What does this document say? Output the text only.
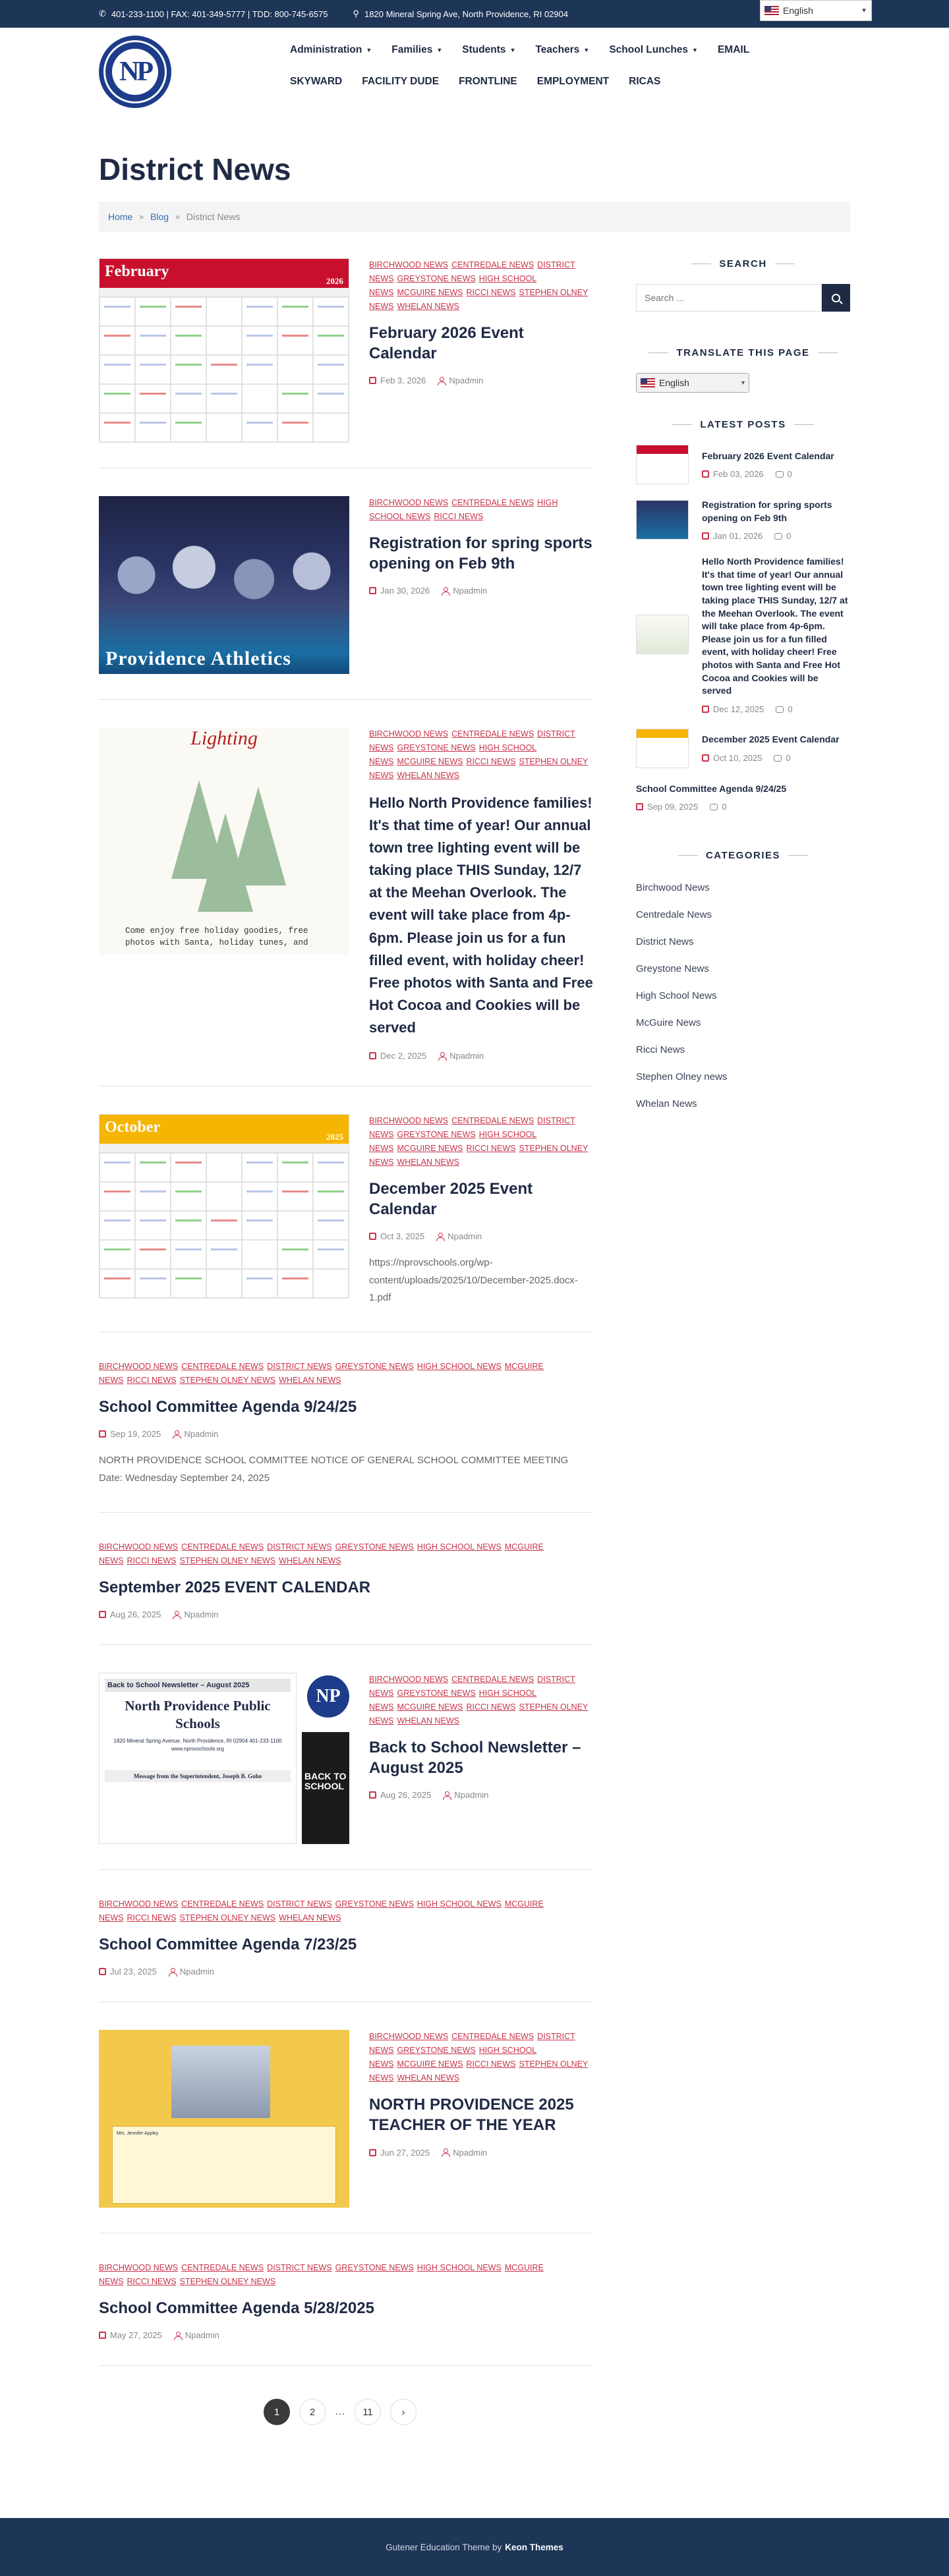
✆ 401-233-1100 | FAX: 401-349-5777 | TDD: 800-745-6575	⚲ 1820 Mineral Spring Ave, North Providence, RI 02904	English	▼
NP
Administration ▼ Families ▼ Students ▼ Teachers ▼ School Lunches ▼ EMAIL
SKYWARD FACILITY DUDE FRONTLINE EMPLOYMENT RICAS
District News
Home » Blog » District News
February
2026
BIRCHWOOD NEWS CENTREDALE NEWS DISTRICT NEWS GREYSTONE NEWS HIGH SCHOOL NEWS MCGUIRE NEWS RICCI NEWS STEPHEN OLNEY NEWS WHELAN NEWS
February 2026 Event Calendar
Feb 3, 2026	Npadmin
Providence Athletics
BIRCHWOOD NEWS CENTREDALE NEWS HIGH SCHOOL NEWS RICCI NEWS
Registration for spring sports opening on Feb 9th
Jan 30, 2026	Npadmin
Lighting
Come enjoy free holiday goodies, free photos with Santa, holiday tunes, and
BIRCHWOOD NEWS CENTREDALE NEWS DISTRICT NEWS GREYSTONE NEWS HIGH SCHOOL NEWS MCGUIRE NEWS RICCI NEWS STEPHEN OLNEY NEWS WHELAN NEWS
Hello North Providence families! It's that time of year! Our annual town tree lighting event will be taking place THIS Sunday, 12/7 at the Meehan Overlook. The event will take place from 4p-6pm. Please join us for a fun filled event, with holiday cheer! Free photos with Santa and Free Hot Cocoa and Cookies will be served
Dec 2, 2025	Npadmin
October
2025
BIRCHWOOD NEWS CENTREDALE NEWS DISTRICT NEWS GREYSTONE NEWS HIGH SCHOOL NEWS MCGUIRE NEWS RICCI NEWS STEPHEN OLNEY NEWS WHELAN NEWS
December 2025 Event Calendar
Oct 3, 2025	Npadmin

https://nprovschools.org/wp-content/uploads/2025/10/December-2025.docx-1.pdf

BIRCHWOOD NEWS CENTREDALE NEWS DISTRICT NEWS GREYSTONE NEWS HIGH SCHOOL NEWS MCGUIRE NEWS RICCI NEWS STEPHEN OLNEY NEWS WHELAN NEWS
School Committee Agenda 9/24/25
Sep 19, 2025	Npadmin

NORTH PROVIDENCE SCHOOL COMMITTEE NOTICE OF GENERAL SCHOOL COMMITTEE MEETING Date: Wednesday September 24, 2025

BIRCHWOOD NEWS CENTREDALE NEWS DISTRICT NEWS GREYSTONE NEWS HIGH SCHOOL NEWS MCGUIRE NEWS RICCI NEWS STEPHEN OLNEY NEWS WHELAN NEWS
September 2025 EVENT CALENDAR
Aug 26, 2025	Npadmin
Back to School Newsletter – August 2025
North Providence Public Schools
1820 Mineral Spring Avenue, North Providence, RI 02904 401-233-1100 www.nprovschools.org
Message from the Superintendent, Joseph B. Goho
NP
BACK TO SCHOOL
BIRCHWOOD NEWS CENTREDALE NEWS DISTRICT NEWS GREYSTONE NEWS HIGH SCHOOL NEWS MCGUIRE NEWS RICCI NEWS STEPHEN OLNEY NEWS WHELAN NEWS
Back to School Newsletter – August 2025
Aug 26, 2025	Npadmin
BIRCHWOOD NEWS CENTREDALE NEWS DISTRICT NEWS GREYSTONE NEWS HIGH SCHOOL NEWS MCGUIRE NEWS RICCI NEWS STEPHEN OLNEY NEWS WHELAN NEWS
School Committee Agenda 7/23/25
Jul 23, 2025	Npadmin
Mrs. Jennifer Appley
BIRCHWOOD NEWS CENTREDALE NEWS DISTRICT NEWS GREYSTONE NEWS HIGH SCHOOL NEWS MCGUIRE NEWS RICCI NEWS STEPHEN OLNEY NEWS WHELAN NEWS
NORTH PROVIDENCE 2025 TEACHER OF THE YEAR
Jun 27, 2025	Npadmin
BIRCHWOOD NEWS CENTREDALE NEWS DISTRICT NEWS GREYSTONE NEWS HIGH SCHOOL NEWS MCGUIRE NEWS RICCI NEWS STEPHEN OLNEY NEWS
School Committee Agenda 5/28/2025
May 27, 2025	Npadmin
1	2	…	11	›
SEARCH
Search ...
TRANSLATE THIS PAGE
English	▾
LATEST POSTS
February 2026 Event Calendar
Feb 03, 2026	0
Registration for spring sports opening on Feb 9th
Jan 01, 2026	0
Hello North Providence families! It's that time of year! Our annual town tree lighting event will be taking place THIS Sunday, 12/7 at the Meehan Overlook. The event will take place from 4p-6pm. Please join us for a fun filled event, with holiday cheer! Free photos with Santa and Free Hot Cocoa and Cookies will be served
Dec 12, 2025	0
December 2025 Event Calendar
Oct 10, 2025	0
School Committee Agenda 9/24/25
Sep 09, 2025	0
CATEGORIES
Birchwood News
Centredale News
District News
Greystone News
High School News
McGuire News
Ricci News
Stephen Olney news
Whelan News
Gutener Education Theme by Keon Themes
